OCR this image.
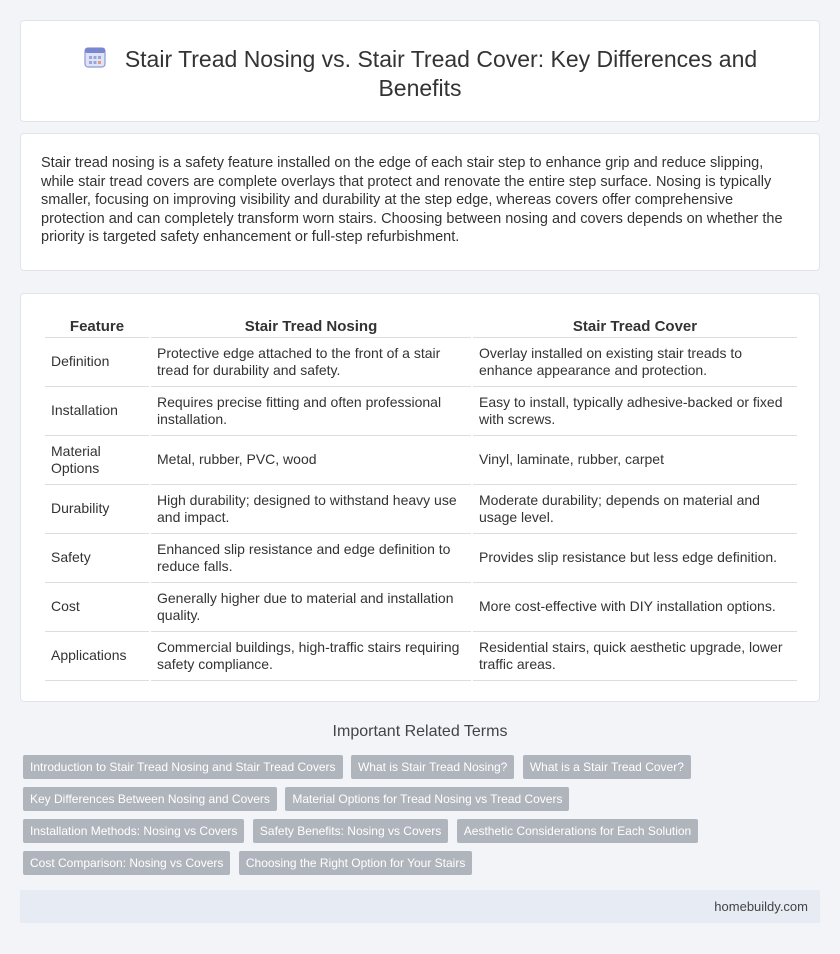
Stair Tread Nosing vs. Stair Tread Cover: Key Differences and Benefits

Stair tread nosing is a safety feature installed on the edge of each stair step to enhance grip and reduce slipping, while stair tread covers are complete overlays that protect and renovate the entire step surface. Nosing is typically smaller, focusing on improving visibility and durability at the step edge, whereas covers offer comprehensive protection and can completely transform worn stairs. Choosing between nosing and covers depends on whether the priority is targeted safety enhancement or full-step refurbishment.

Feature	Stair Tread Nosing	Stair Tread Cover
Definition	Protective edge attached to the front of a stair tread for durability and safety.	Overlay installed on existing stair treads to enhance appearance and protection.
Installation	Requires precise fitting and often professional installation.	Easy to install, typically adhesive-backed or fixed with screws.
Material Options	Metal, rubber, PVC, wood	Vinyl, laminate, rubber, carpet
Durability	High durability; designed to withstand heavy use and impact.	Moderate durability; depends on material and usage level.
Safety	Enhanced slip resistance and edge definition to reduce falls.	Provides slip resistance but less edge definition.
Cost	Generally higher due to material and installation quality.	More cost-effective with DIY installation options.
Applications	Commercial buildings, high-traffic stairs requiring safety compliance.	Residential stairs, quick aesthetic upgrade, lower traffic areas.
Important Related Terms
Introduction to Stair Tread Nosing and Stair Tread Covers What is Stair Tread Nosing? What is a Stair Tread Cover? Key Differences Between Nosing and Covers Material Options for Tread Nosing vs Tread Covers Installation Methods: Nosing vs Covers Safety Benefits: Nosing vs Covers Aesthetic Considerations for Each Solution Cost Comparison: Nosing vs Covers Choosing the Right Option for Your Stairs
homebuildy.com
